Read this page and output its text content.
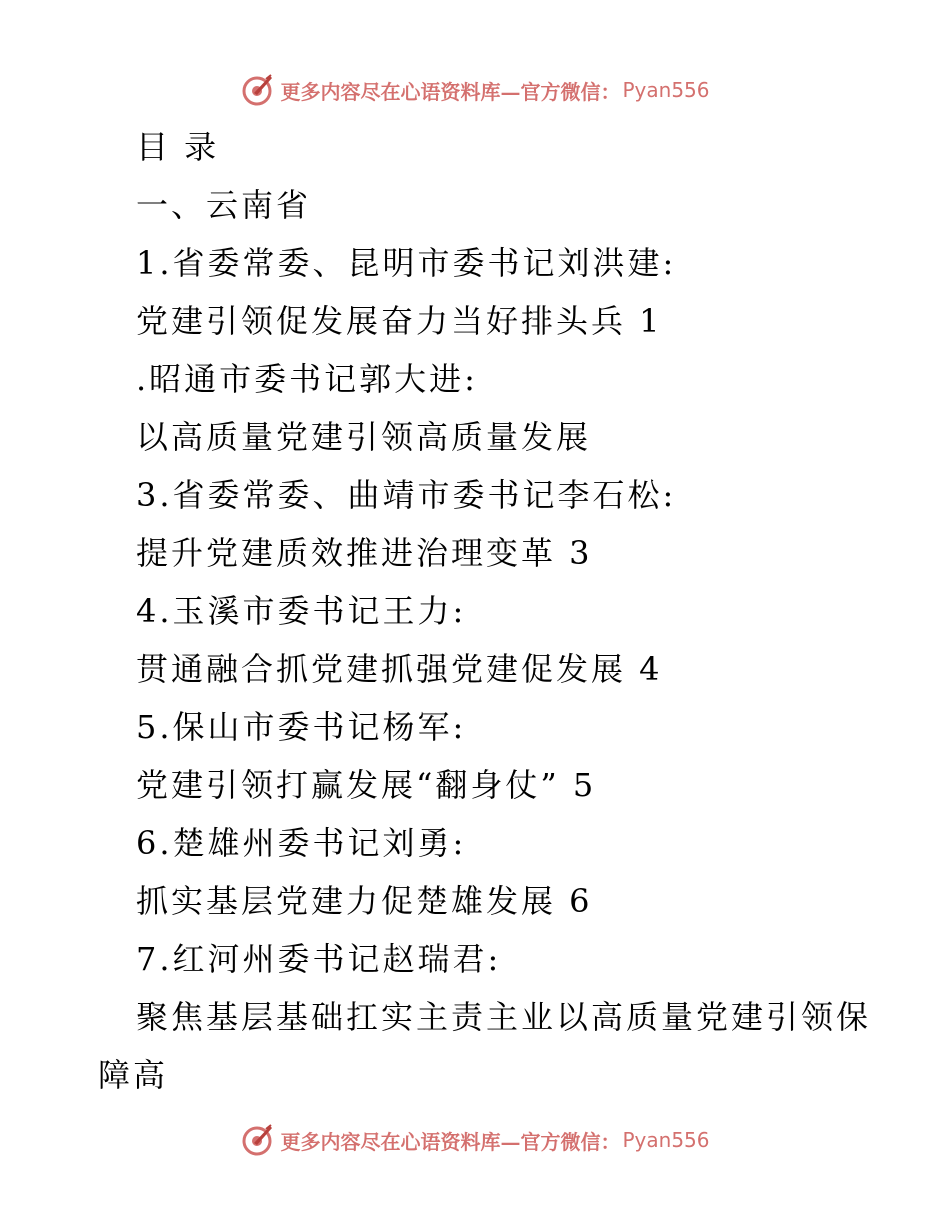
更多内容尽在心语资料库—官方微信： Pyan556
目 录
一、云南省
1.省委常委、昆明市委书记刘洪建:
党建引领促发展奋力当好排头兵 1
.昭通市委书记郭大进:
以高质量党建引领高质量发展
3.省委常委、曲靖市委书记李石松:
提升党建质效推进治理变革 3
4.玉溪市委书记王力:
贯通融合抓党建抓强党建促发展 4
5.保山市委书记杨军:
党建引领打赢发展“翻身仗” 5
6.楚雄州委书记刘勇:
抓实基层党建力促楚雄发展 6
7.红河州委书记赵瑞君:
聚焦基层基础扛实主责主业以高质量党建引领保
障高
更多内容尽在心语资料库—官方微信： Pyan556
